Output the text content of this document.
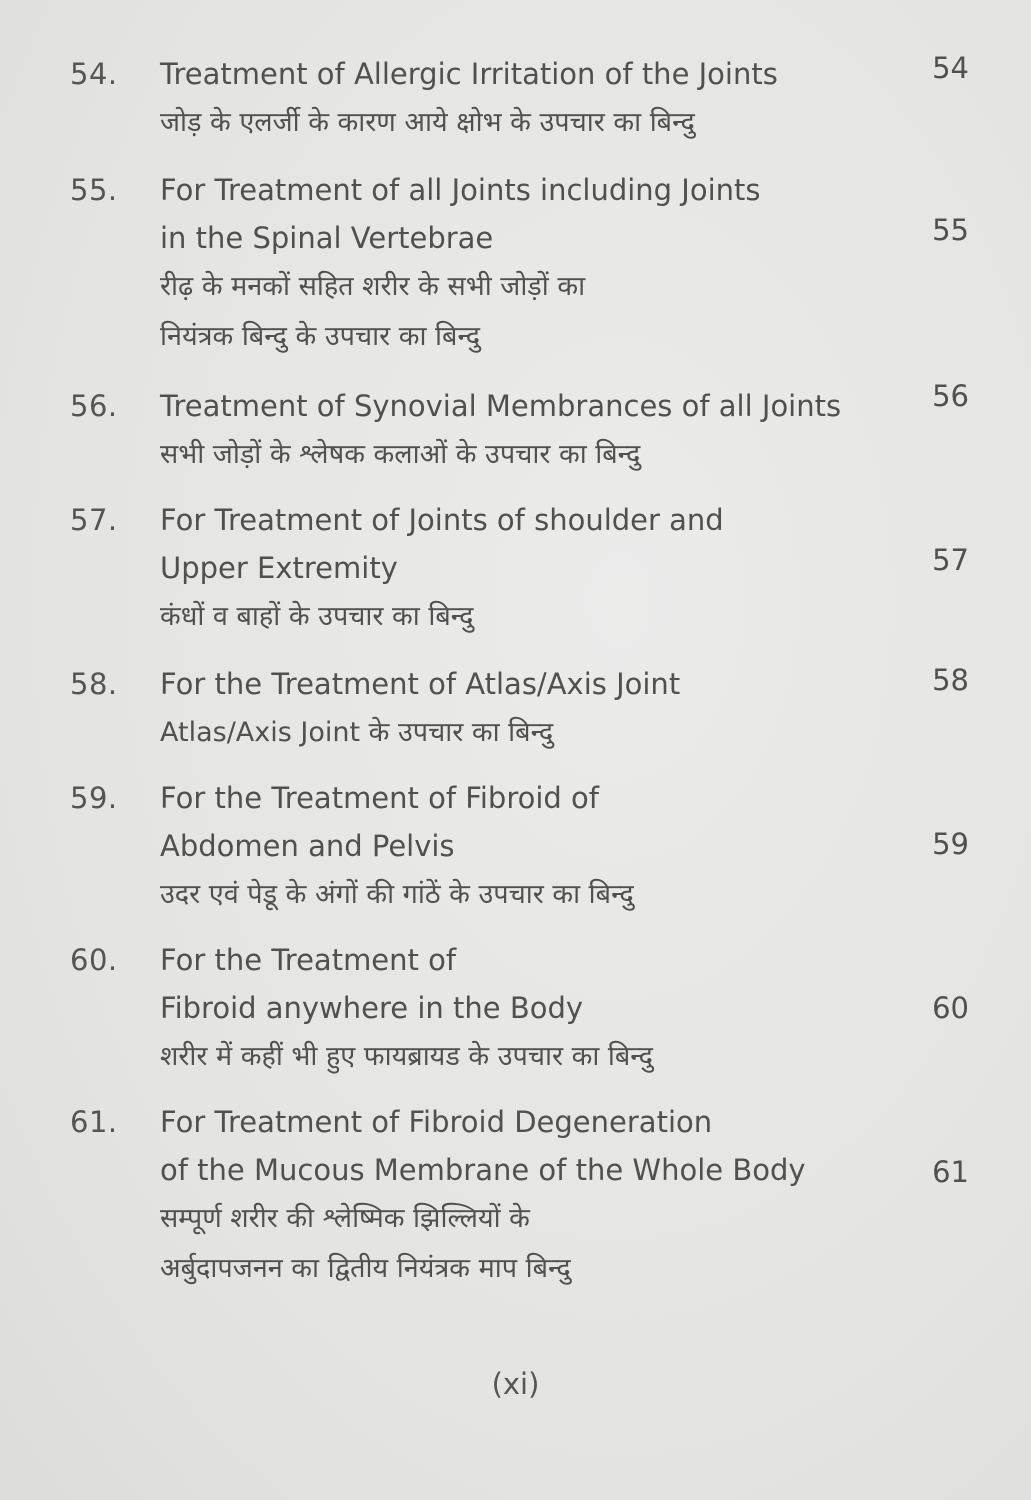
54. Treatment of Allergic Irritation of the Joints
जोड़ के एलर्जी के कारण आये क्षोभ के उपचार का बिन्दु
54
55. For Treatment of all Joints including Joints
in the Spinal Vertebrae
रीढ़ के मनकों सहित शरीर के सभी जोड़ों का
नियंत्रक बिन्दु के उपचार का बिन्दु
55
56. Treatment of Synovial Membrances of all Joints
सभी जोड़ों के श्लेषक कलाओं के उपचार का बिन्दु
56
57. For Treatment of Joints of shoulder and
Upper Extremity
कंधों व बाहों के उपचार का बिन्दु
57
58. For the Treatment of Atlas/Axis Joint
Atlas/Axis Joint के उपचार का बिन्दु
58
59. For the Treatment of Fibroid of
Abdomen and Pelvis
उदर एवं पेडू के अंगों की गांठें के उपचार का बिन्दु
59
60. For the Treatment of
Fibroid anywhere in the Body
शरीर में कहीं भी हुए फायब्रायड के उपचार का बिन्दु
60
61. For Treatment of Fibroid Degeneration
of the Mucous Membrane of the Whole Body
सम्पूर्ण शरीर की श्लेष्मिक झिल्लियों के
अर्बुदापजनन का द्वितीय नियंत्रक माप बिन्दु
61
(xi)
